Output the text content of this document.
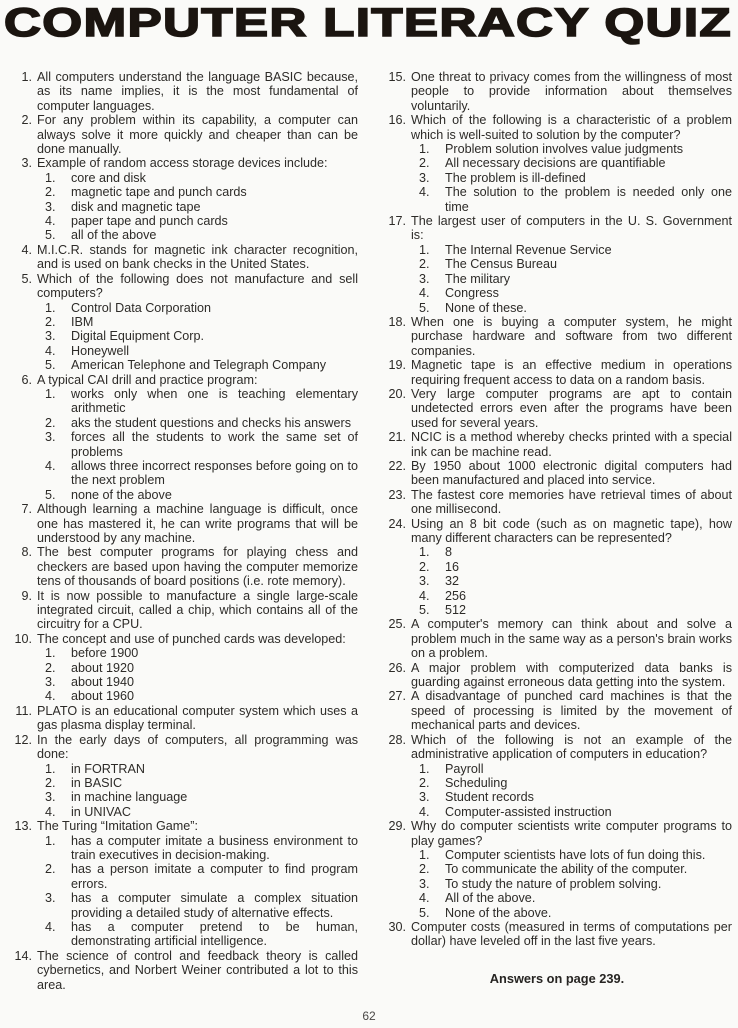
COMPUTER LITERACY QUIZ
1. All computers understand the language BASIC because, as its name implies, it is the most fundamental of computer languages.
2. For any problem within its capability, a computer can always solve it more quickly and cheaper than can be done manually.
3. Example of random access storage devices include:
1.	core and disk
2.	magnetic tape and punch cards
3.	disk and magnetic tape
4.	paper tape and punch cards
5.	all of the above
4. M.I.C.R. stands for magnetic ink character recognition, and is used on bank checks in the United States.
5. Which of the following does not manufacture and sell computers?
1.	Control Data Corporation
2.	IBM
3.	Digital Equipment Corp.
4.	Honeywell
5.	American Telephone and Telegraph Company
6. A typical CAI drill and practice program:
1.	works only when one is teaching elementary arithmetic
2.	aks the student questions and checks his answers
3.	forces all the students to work the same set of problems
4.	allows three incorrect responses before going on to the next problem
5.	none of the above
7. Although learning a machine language is difficult, once one has mastered it, he can write programs that will be understood by any machine.
8. The best computer programs for playing chess and checkers are based upon having the computer memorize tens of thousands of board positions (i.e. rote memory).
9. It is now possible to manufacture a single large-scale integrated circuit, called a chip, which contains all of the circuitry for a CPU.
10. The concept and use of punched cards was developed:
1.	before 1900
2.	about 1920
3.	about 1940
4.	about 1960
11. PLATO is an educational computer system which uses a gas plasma display terminal.
12. In the early days of computers, all programming was done:
1.	in FORTRAN
2.	in BASIC
3.	in machine language
4.	in UNIVAC
13. The Turing “Imitation Game”:
1.	has a computer imitate a business environment to train executives in decision-making.
2.	has a person imitate a computer to find program errors.
3.	has a computer simulate a complex situation providing a detailed study of alternative effects.
4.	has a computer pretend to be human, demonstrating artificial intelligence.
14. The science of control and feedback theory is called cybernetics, and Norbert Weiner contributed a lot to this area.
15. One threat to privacy comes from the willingness of most people to provide information about themselves voluntarily.
16. Which of the following is a characteristic of a problem which is well-suited to solution by the computer?
1.	Problem solution involves value judgments
2.	All necessary decisions are quantifiable
3.	The problem is ill-defined
4.	The solution to the problem is needed only one time
17. The largest user of computers in the U. S. Government is:
1.	The Internal Revenue Service
2.	The Census Bureau
3.	The military
4.	Congress
5.	None of these.
18. When one is buying a computer system, he might purchase hardware and software from two different companies.
19. Magnetic tape is an effective medium in operations requiring frequent access to data on a random basis.
20. Very large computer programs are apt to contain undetected errors even after the programs have been used for several years.
21. NCIC is a method whereby checks printed with a special ink can be machine read.
22. By 1950 about 1000 electronic digital computers had been manufactured and placed into service.
23. The fastest core memories have retrieval times of about one millisecond.
24. Using an 8 bit code (such as on magnetic tape), how many different characters can be represented?
1.	8
2.	16
3.	32
4.	256
5.	512
25. A computer's memory can think about and solve a problem much in the same way as a person's brain works on a problem.
26. A major problem with computerized data banks is guarding against erroneous data getting into the system.
27. A disadvantage of punched card machines is that the speed of processing is limited by the movement of mechanical parts and devices.
28. Which of the following is not an example of the administrative application of computers in education?
1.	Payroll
2.	Scheduling
3.	Student records
4.	Computer-assisted instruction
29. Why do computer scientists write computer programs to play games?
1.	Computer scientists have lots of fun doing this.
2.	To communicate the ability of the computer.
3.	To study the nature of problem solving.
4.	All of the above.
5.	None of the above.
30. Computer costs (measured in terms of computations per dollar) have leveled off in the last five years.
Answers on page 239.
62
